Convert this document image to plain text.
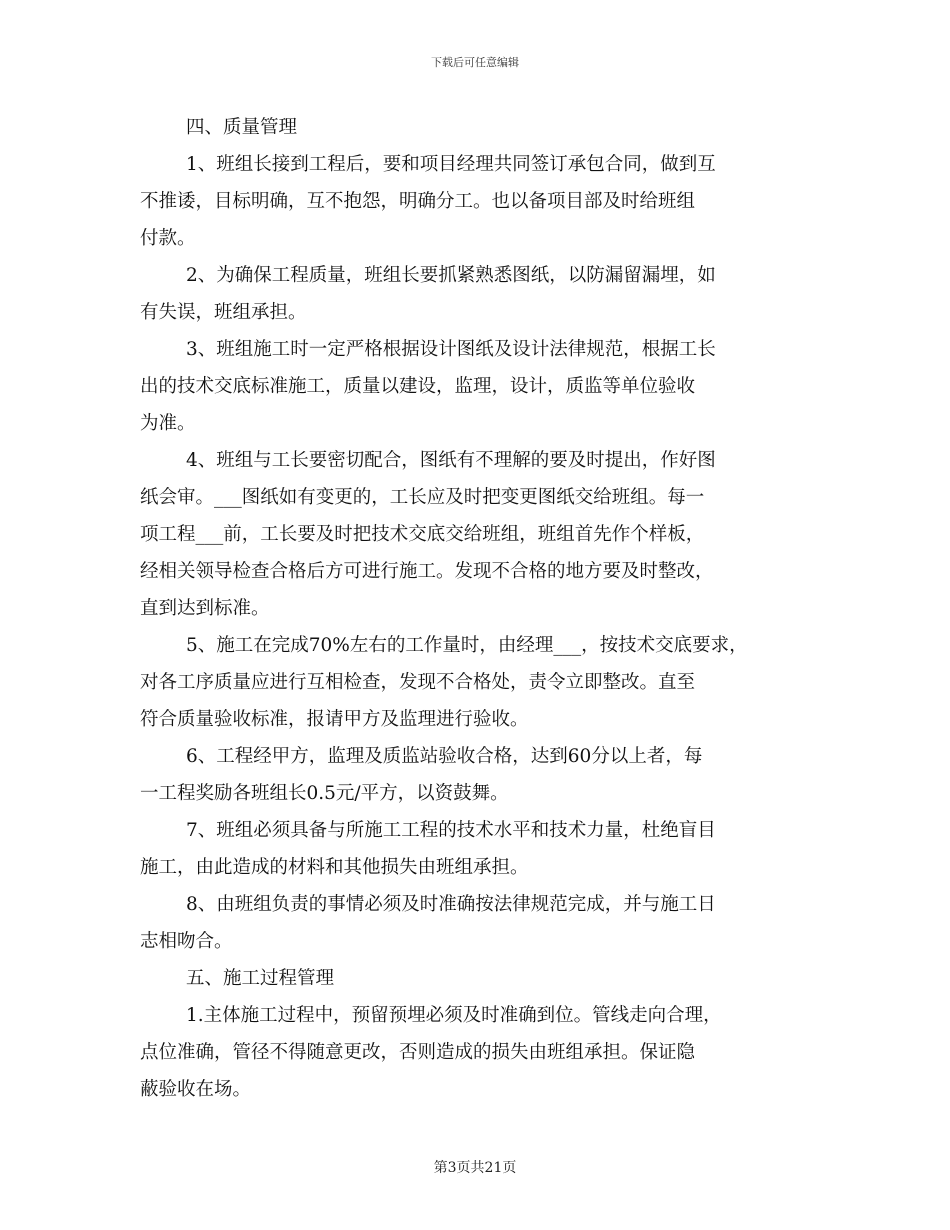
下载后可任意编辑
四、质量管理
1、班组长接到工程后，要和项目经理共同签订承包合同，做到互
不推诿，目标明确，互不抱怨，明确分工。也以备项目部及时给班组
付款。
2、为确保工程质量，班组长要抓紧熟悉图纸，以防漏留漏埋，如
有失误，班组承担。
3、班组施工时一定严格根据设计图纸及设计法律规范，根据工长
出的技术交底标准施工，质量以建设，监理，设计，质监等单位验收
为准。
4、班组与工长要密切配合，图纸有不理解的要及时提出，作好图
纸会审。___图纸如有变更的，工长应及时把变更图纸交给班组。每一
项工程___前，工长要及时把技术交底交给班组，班组首先作个样板，
经相关领导检查合格后方可进行施工。发现不合格的地方要及时整改，
直到达到标准。
5、施工在完成70%左右的工作量时，由经理___，按技术交底要求，
对各工序质量应进行互相检查，发现不合格处，责令立即整改。直至
符合质量验收标准，报请甲方及监理进行验收。
6、工程经甲方，监理及质监站验收合格，达到60分以上者，每
一工程奖励各班组长0.5元/平方，以资鼓舞。
7、班组必须具备与所施工工程的技术水平和技术力量，杜绝盲目
施工，由此造成的材料和其他损失由班组承担。
8、由班组负责的事情必须及时准确按法律规范完成，并与施工日
志相吻合。
五、施工过程管理
1.主体施工过程中，预留预埋必须及时准确到位。管线走向合理，
点位准确，管径不得随意更改，否则造成的损失由班组承担。保证隐
蔽验收在场。
第3页共21页
